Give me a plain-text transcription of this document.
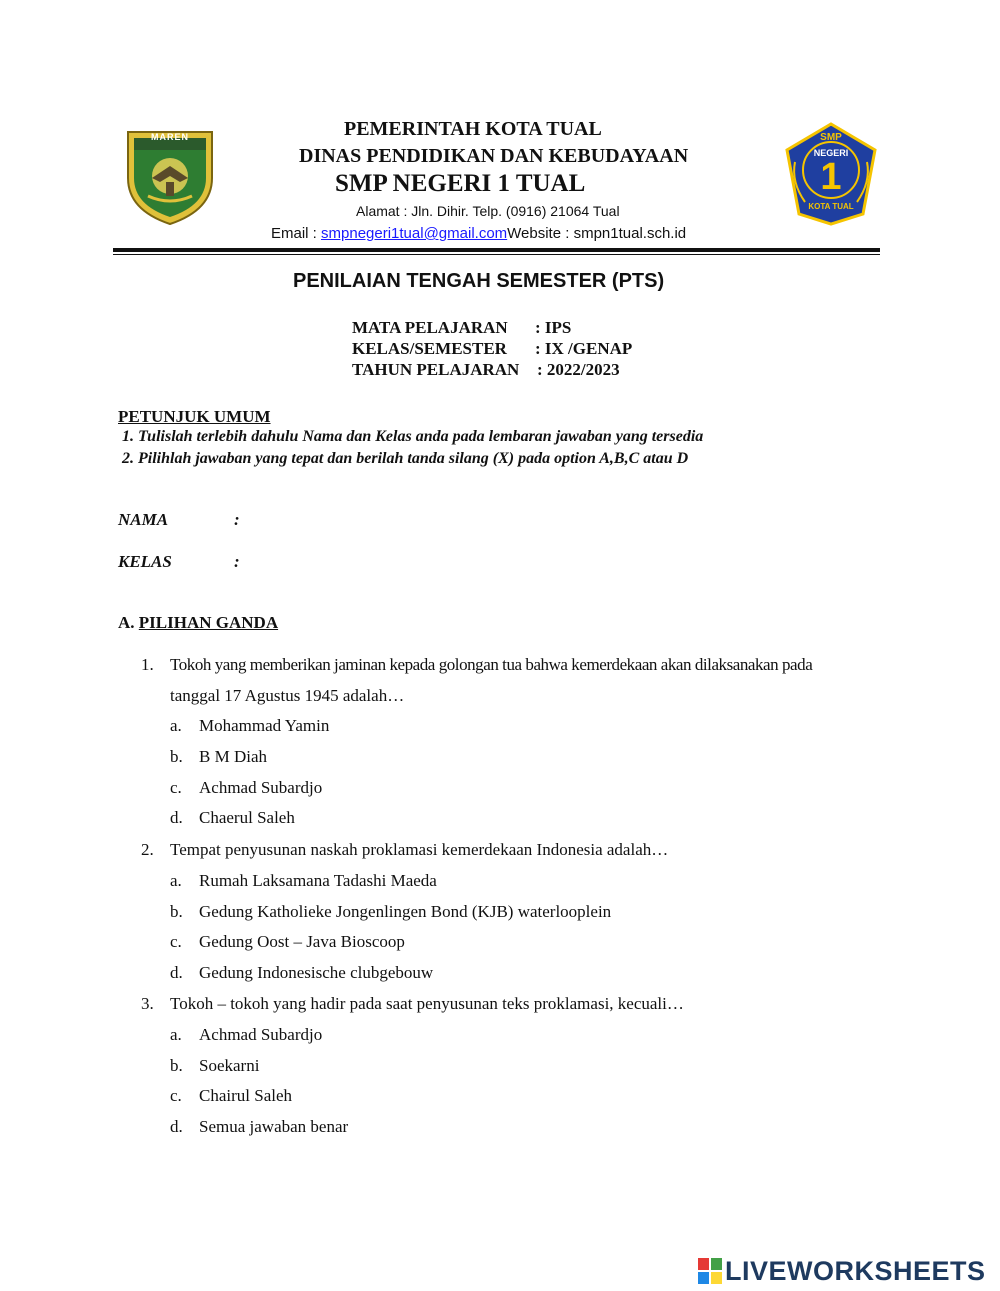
MAREN	SMP
NEGERI
1
KOTA TUAL
PEMERINTAH KOTA TUAL
DINAS PENDIDIKAN DAN KEBUDAYAAN
SMP NEGERI 1 TUAL
Alamat : Jln. Dihir. Telp. (0916) 21064 Tual
Email : smpnegeri1tual@gmail.comWebsite : smpn1tual.sch.id
PENILAIAN TENGAH SEMESTER (PTS)
MATA PELAJARAN	: IPS
KELAS/SEMESTER	: IX /GENAP
TAHUN PELAJARAN	: 2022/2023
PETUNJUK UMUM
1. Tulislah terlebih dahulu Nama dan Kelas anda pada lembaran jawaban yang tersedia
2. Pilihlah jawaban yang tepat dan berilah tanda silang (X) pada option A,B,C atau D
NAMA	:
KELAS	:
A. PILIHAN GANDA
1. Tokoh yang memberikan jaminan kepada golongan tua bahwa kemerdekaan akan dilaksanakan pada
tanggal 17 Agustus 1945 adalah…
a. Mohammad Yamin
b. B M Diah
c. Achmad Subardjo
d. Chaerul Saleh
2. Tempat penyusunan naskah proklamasi kemerdekaan Indonesia adalah…
a. Rumah Laksamana Tadashi Maeda
b. Gedung Katholieke Jongenlingen Bond (KJB) waterlooplein
c. Gedung Oost – Java Bioscoop
d. Gedung Indonesische clubgebouw
3. Tokoh – tokoh yang hadir pada saat penyusunan teks proklamasi, kecuali…
a. Achmad Subardjo
b. Soekarni
c. Chairul Saleh
d. Semua jawaban benar
LIVEWORKSHEETS
